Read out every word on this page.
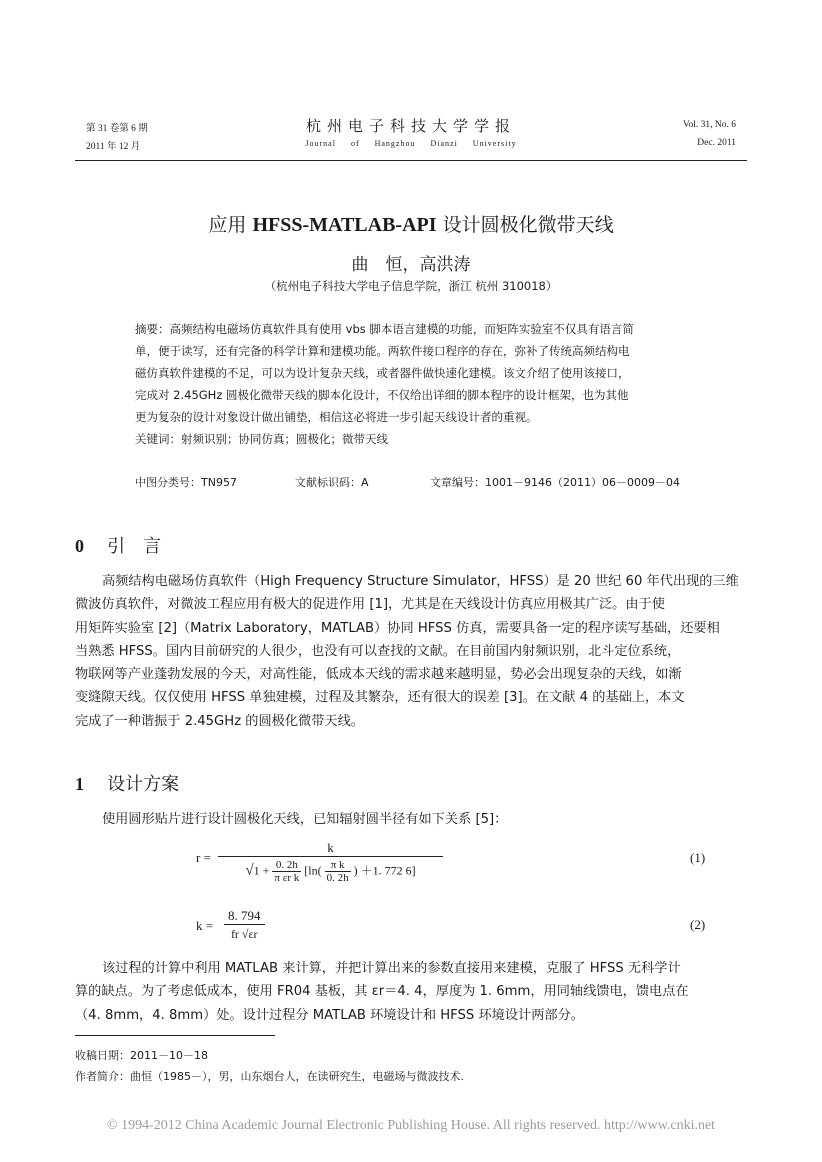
第 31 卷第 6 期
2011 年 12 月
杭州电子科技大学学报
Journal of Hangzhou Dianzi University
Vol. 31, No. 6
Dec. 2011
应用 HFSS-MATLAB-API 设计圆极化微带天线
曲　恒，高洪涛
（杭州电子科技大学电子信息学院，浙江 杭州 310018）

摘要：高频结构电磁场仿真软件具有使用 vbs 脚本语言建模的功能，而矩阵实验室不仅具有语言简

单，便于读写，还有完备的科学计算和建模功能。两软件接口程序的存在，弥补了传统高频结构电

磁仿真软件建模的不足，可以为设计复杂天线，或者器件做快速化建模。该文介绍了使用该接口，

完成对 2.45GHz 圆极化微带天线的脚本化设计，不仅给出详细的脚本程序的设计框架，也为其他

更为复杂的设计对象设计做出铺垫，相信这必将进一步引起天线设计者的重视。

关键词：射频识别；协同仿真；圆极化；微带天线

中图分类号：TN957	文献标识码：A	文章编号：1001－9146（2011）06－0009－04
0 引　言

高频结构电磁场仿真软件（High Frequency Structure Simulator，HFSS）是 20 世纪 60 年代出现的三维

微波仿真软件，对微波工程应用有极大的促进作用 [1]，尤其是在天线设计仿真应用极其广泛。由于使

用矩阵实验室 [2]（Matrix Laboratory，MATLAB）协同 HFSS 仿真，需要具备一定的程序读写基础，还要相

当熟悉 HFSS。国内目前研究的人很少，也没有可以查找的文献。在目前国内射频识别，北斗定位系统，

物联网等产业蓬勃发展的今天，对高性能，低成本天线的需求越来越明显，势必会出现复杂的天线，如渐

变缝隙天线。仅仅使用 HFSS 单独建模，过程及其繁杂，还有很大的误差 [3]。在文献 4 的基础上，本文

完成了一种谐振于 2.45GHz 的圆极化微带天线。

1 设计方案

使用圆形贴片进行设计圆极化天线，已知辐射圆半径有如下关系 [5]：

r =
k
$√1 + \frac{0. 2h}{\text{π εr k}} [\ln( \frac{\text{π k}}{0. 2h}$ ) ＋1. 772 6]
(1)
k =
8. 794
fr √εr
(2)

该过程的计算中利用 MATLAB 来计算，并把计算出来的参数直接用来建模，克服了 HFSS 无科学计

算的缺点。为了考虑低成本，使用 FR04 基板，其 εr＝4. 4，厚度为 1. 6mm，用同轴线馈电，馈电点在

（4. 8mm，4. 8mm）处。设计过程分 MATLAB 环境设计和 HFSS 环境设计两部分。

收稿日期：2011－10－18
作者简介：曲恒（1985－），男，山东烟台人，在读研究生，电磁场与微波技术.
© 1994-2012 China Academic Journal Electronic Publishing House. All rights reserved. http://www.cnki.net
